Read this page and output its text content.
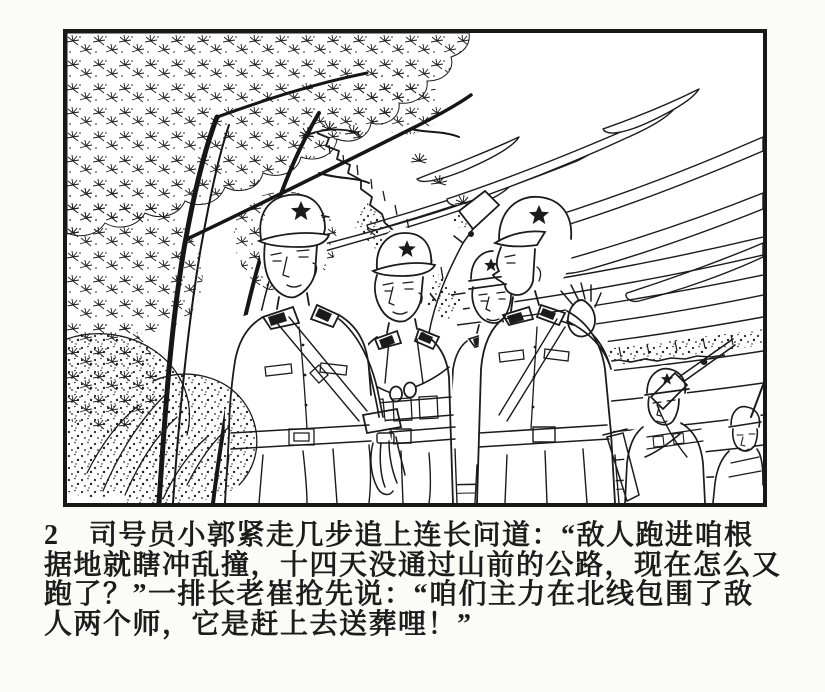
2　司号员小郭紧走几步追上连长问道：“敌人跑进咱根
据地就瞎冲乱撞，十四天没通过山前的公路，现在怎么又
跑了？”一排长老崔抢先说：“咱们主力在北线包围了敌
人两个师，它是赶上去送葬哩！”
